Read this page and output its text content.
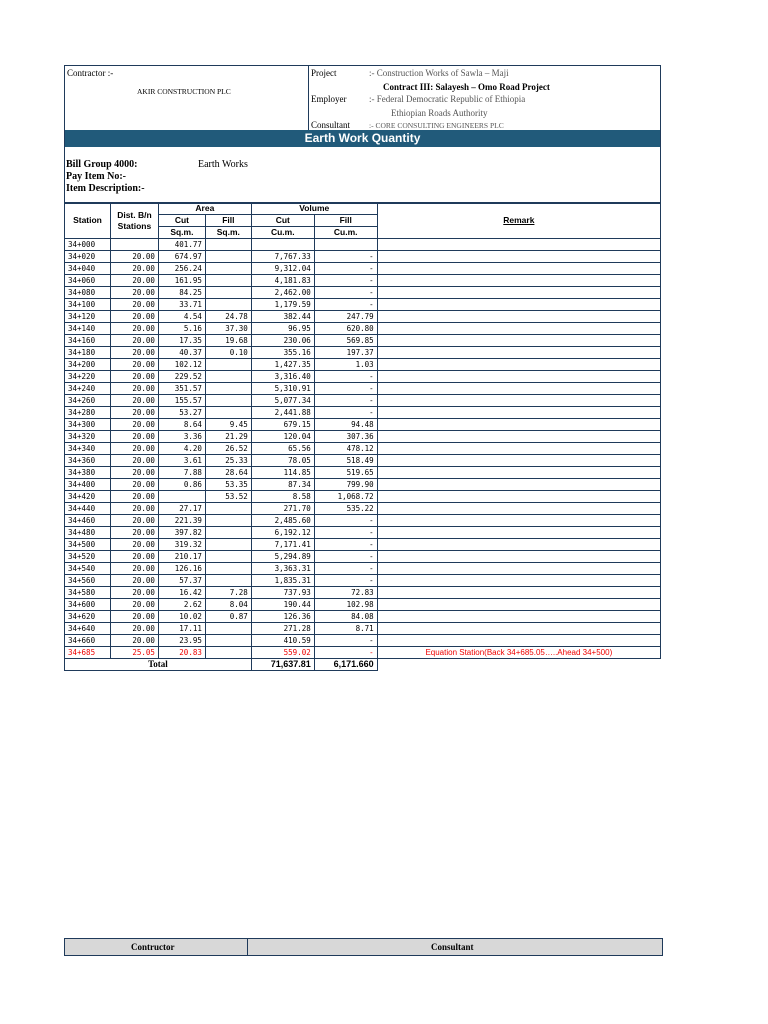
Contractor :-
AKIR CONSTRUCTION PLC
Project	:- Construction Works of Sawla – Maji
Contract III: Salayesh – Omo Road Project
Employer	:- Federal Democratic Republic of Ethiopia
Ethiopian Roads Authority
Consultant	:- CORE CONSULTING ENGINEERS PLC
Earth Work Quantity
Bill Group 4000:	Earth Works
Pay Item No:-
Item Description:-
Station	Dist. B/n Stations	Area		Volume		Remark
		Cut	Fill	Cut	Fill	
		Sq.m.	Sq.m.	Cu.m.	Cu.m.	
34+000		401.77				
34+020	20.00	674.97		7,767.33	-	
34+040	20.00	256.24		9,312.04	-	
34+060	20.00	161.95		4,181.83	-	
34+080	20.00	84.25		2,462.00	-	
34+100	20.00	33.71		1,179.59	-	
34+120	20.00	4.54	24.78	382.44	247.79	
34+140	20.00	5.16	37.30	96.95	620.80	
34+160	20.00	17.35	19.68	230.06	569.85	
34+180	20.00	40.37	0.10	355.16	197.37	
34+200	20.00	102.12		1,427.35	1.03	
34+220	20.00	229.52		3,316.40	-	
34+240	20.00	351.57		5,310.91	-	
34+260	20.00	155.57		5,077.34	-	
34+280	20.00	53.27		2,441.88	-	
34+300	20.00	8.64	9.45	679.15	94.48	
34+320	20.00	3.36	21.29	120.04	307.36	
34+340	20.00	4.20	26.52	65.56	478.12	
34+360	20.00	3.61	25.33	78.05	518.49	
34+380	20.00	7.88	28.64	114.85	519.65	
34+400	20.00	0.86	53.35	87.34	799.90	
34+420	20.00		53.52	8.58	1,068.72	
34+440	20.00	27.17		271.70	535.22	
34+460	20.00	221.39		2,485.60	-	
34+480	20.00	397.82		6,192.12	-	
34+500	20.00	319.32		7,171.41	-	
34+520	20.00	210.17		5,294.89	-	
34+540	20.00	126.16		3,363.31	-	
34+560	20.00	57.37		1,835.31	-	
34+580	20.00	16.42	7.28	737.93	72.83	
34+600	20.00	2.62	8.04	190.44	102.98	
34+620	20.00	10.02	0.87	126.36	84.08	
34+640	20.00	17.11		271.28	8.71	
34+660	20.00	23.95		410.59	-	
34+685	25.05	20.83		559.02	-	Equation Station(Back 34+685.05…..Ahead 34+500)
Total				71,637.81	6,171.660	
Contructor	Consultant
